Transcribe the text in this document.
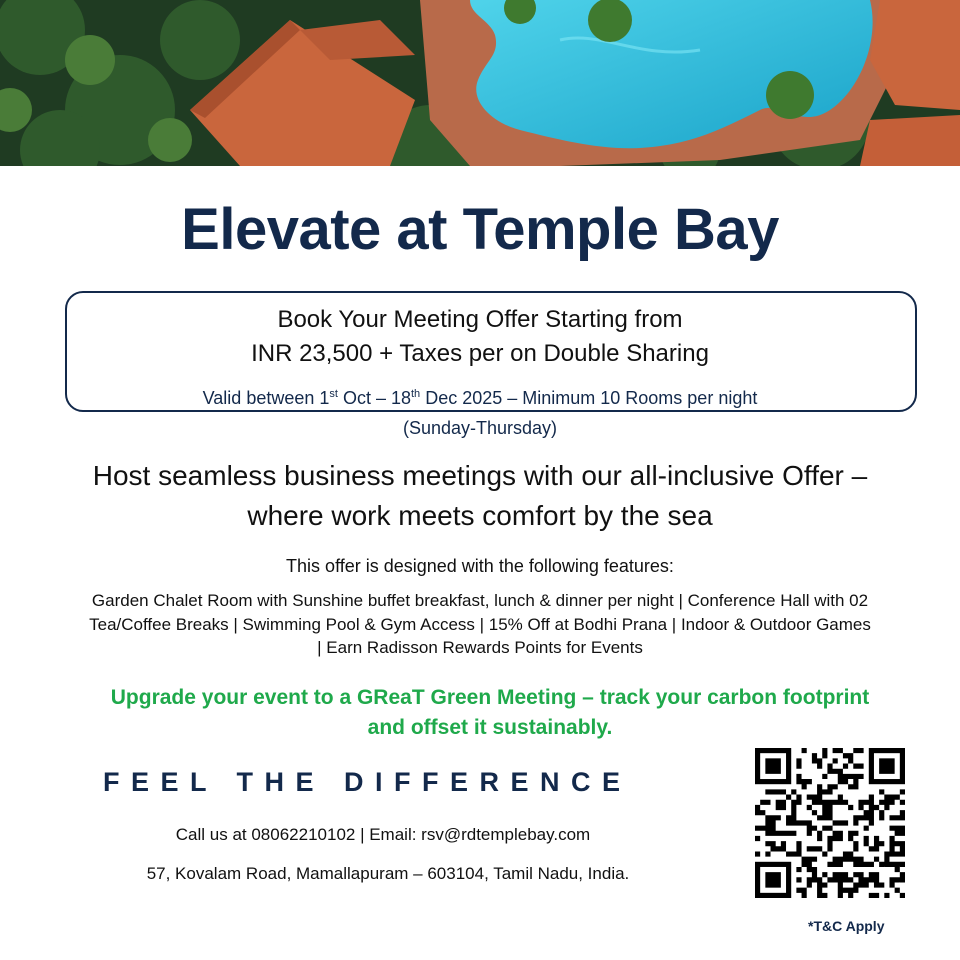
Elevate at Temple Bay
Book Your Meeting Offer Starting from
INR 23,500 + Taxes per on Double Sharing
Valid between 1st Oct – 18th Dec 2025 – Minimum 10 Rooms per night
(Sunday-Thursday)
Host seamless business meetings with our all-inclusive Offer –
where work meets comfort by the sea
This offer is designed with the following features:
Garden Chalet Room with Sunshine buffet breakfast, lunch & dinner per night | Conference Hall with 02
Tea/Coffee Breaks | Swimming Pool & Gym Access | 15% Off at Bodhi Prana | Indoor & Outdoor Games
| Earn Radisson Rewards Points for Events
Upgrade your event to a GReaT Green Meeting – track your carbon footprint
and offset it sustainably.
FEEL THE DIFFERENCE
Call us at 08062210102 | Email: rsv@rdtemplebay.com
57, Kovalam Road, Mamallapuram – 603104, Tamil Nadu, India.
*T&C Apply
